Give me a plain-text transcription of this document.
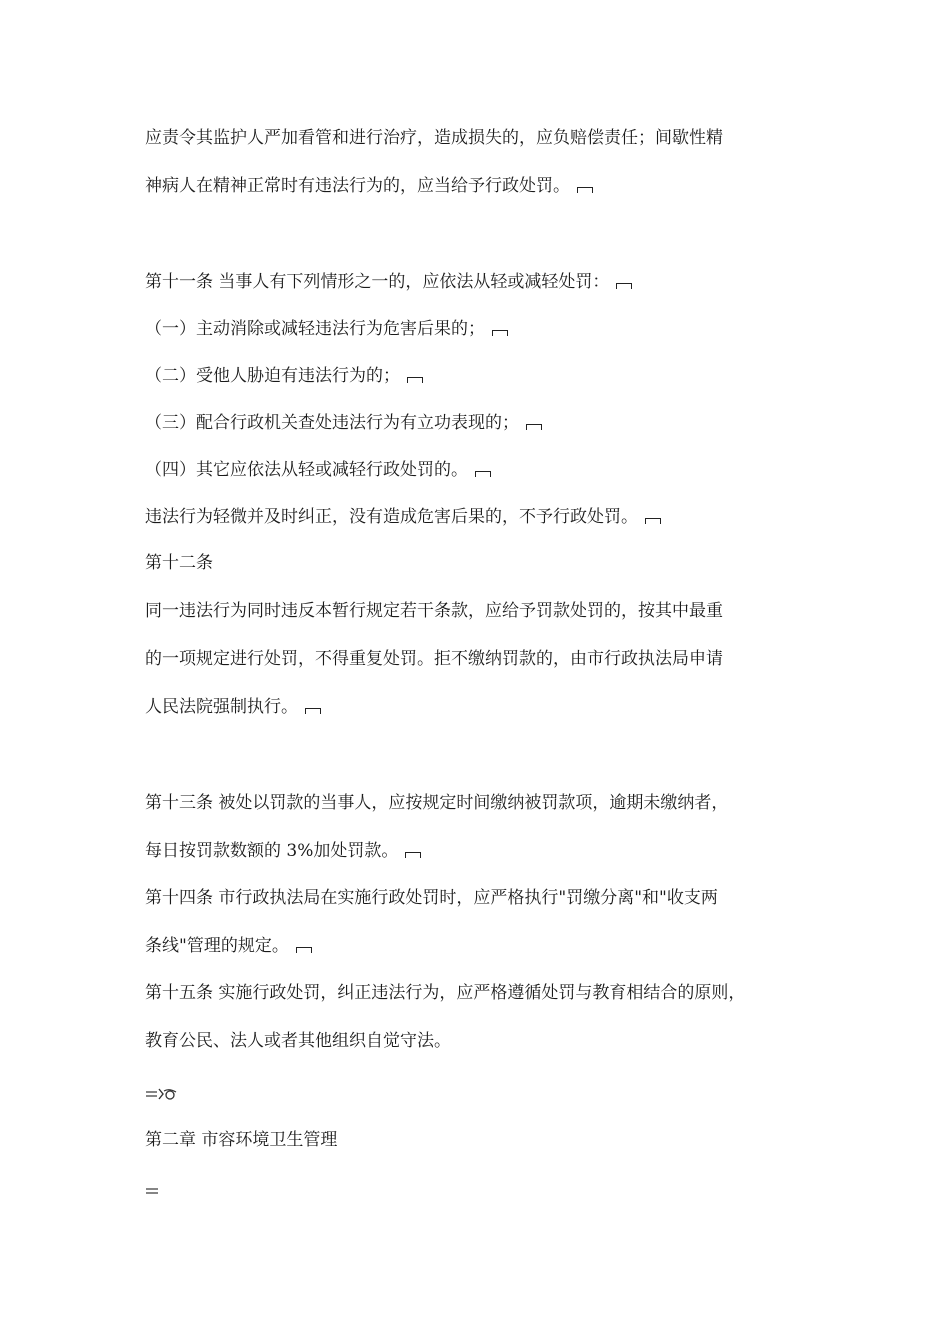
应责令其监护人严加看管和进行治疗，造成损失的，应负赔偿责任；间歇性精
神病人在精神正常时有违法行为的，应当给予行政处罚。
第十一条 当事人有下列情形之一的，应依法从轻或减轻处罚：
（一）主动消除或减轻违法行为危害后果的；
（二）受他人胁迫有违法行为的；
（三）配合行政机关查处违法行为有立功表现的；
（四）其它应依法从轻或减轻行政处罚的。
违法行为轻微并及时纠正，没有造成危害后果的，不予行政处罚。
第十二条
同一违法行为同时违反本暂行规定若干条款，应给予罚款处罚的，按其中最重
的一项规定进行处罚，不得重复处罚。拒不缴纳罚款的，由市行政执法局申请
人民法院强制执行。
第十三条 被处以罚款的当事人，应按规定时间缴纳被罚款项，逾期未缴纳者，
每日按罚款数额的 3%加处罚款。
第十四条 市行政执法局在实施行政处罚时，应严格执行"罚缴分离"和"收支两
条线"管理的规定。
第十五条 实施行政处罚，纠正违法行为，应严格遵循处罚与教育相结合的原则，
教育公民、法人或者其他组织自觉守法。
第二章 市容环境卫生管理
